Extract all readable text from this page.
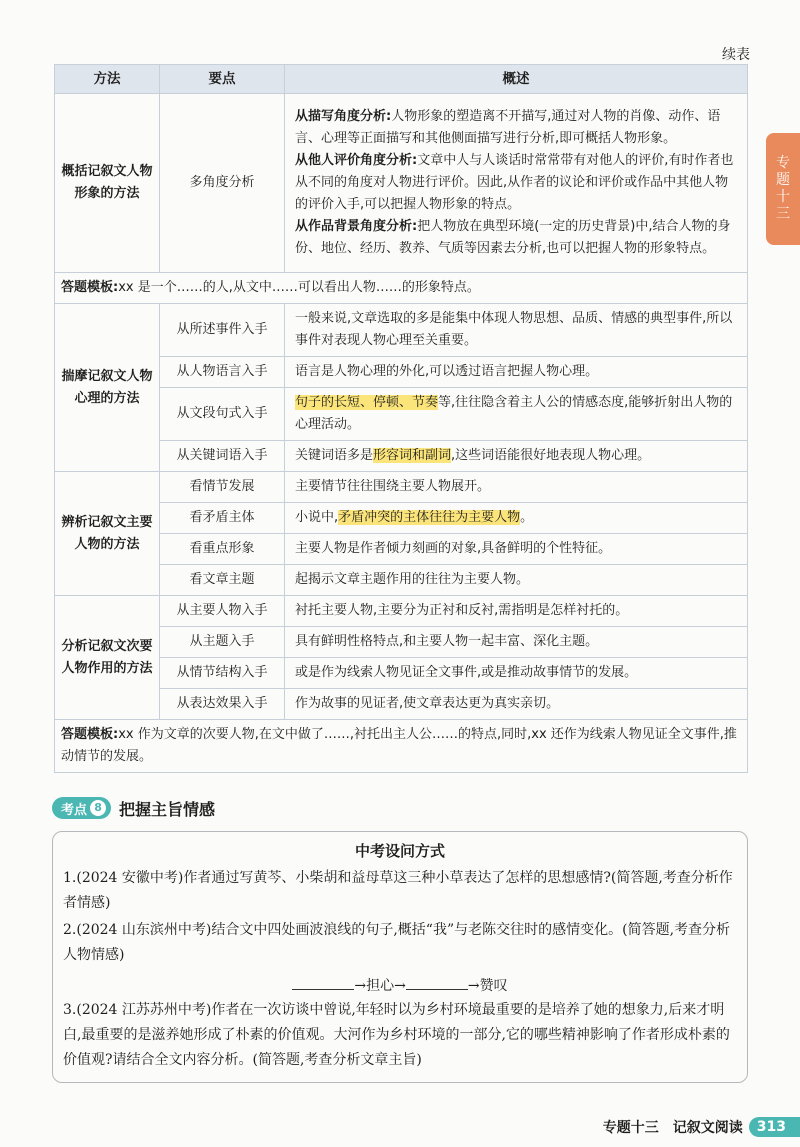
续表
专题十三
方法	要点	概述
概括记叙文人物形象的方法	多角度分析	从描写角度分析:人物形象的塑造离不开描写,通过对人物的肖像、动作、语言、心理等正面描写和其他侧面描写进行分析,即可概括人物形象。
从他人评价角度分析:文章中人与人谈话时常常带有对他人的评价,有时作者也从不同的角度对人物进行评价。因此,从作者的议论和评价或作品中其他人物的评价入手,可以把握人物形象的特点。
从作品背景角度分析:把人物放在典型环境(一定的历史背景)中,结合人物的身份、地位、经历、教养、气质等因素去分析,也可以把握人物的形象特点。

答题模板:xx 是一个……的人,从文中……可以看出人物……的形象特点。		
揣摩记叙文人物心理的方法	从所述事件入手	一般来说,文章选取的多是能集中体现人物思想、品质、情感的典型事件,所以事件对表现人物心理至关重要。
	从人物语言入手	语言是人物心理的外化,可以透过语言把握人物心理。
	从文段句式入手	句子的长短、停顿、节奏等,往往隐含着主人公的情感态度,能够折射出人物的心理活动。
	从关键词语入手	关键词语多是形容词和副词,这些词语能很好地表现人物心理。
辨析记叙文主要人物的方法	看情节发展	主要情节往往围绕主要人物展开。
	看矛盾主体	小说中,矛盾冲突的主体往往为主要人物。
	看重点形象	主要人物是作者倾力刻画的对象,具备鲜明的个性特征。
	看文章主题	起揭示文章主题作用的往往为主要人物。
分析记叙文次要人物作用的方法	从主要人物入手	衬托主要人物,主要分为正衬和反衬,需指明是怎样衬托的。
	从主题入手	具有鲜明性格特点,和主要人物一起丰富、深化主题。
	从情节结构入手	或是作为线索人物见证全文事件,或是推动故事情节的发展。
	从表达效果入手	作为故事的见证者,使文章表达更为真实亲切。
答题模板:xx 作为文章的次要人物,在文中做了……,衬托出主人公……的特点,同时,xx 还作为线索人物见证全文事件,推动情节的发展。		
考点 8 把握主旨情感
中考设问方式
1.(2024 安徽中考)作者通过写黄芩、小柴胡和益母草这三种小草表达了怎样的思想感情?(简答题,考查分析作者情感)
2.(2024 山东滨州中考)结合文中四处画波浪线的句子,概括“我”与老陈交往时的感情变化。(简答题,考查分析人物情感)
→担心→	→赞叹
3.(2024 江苏苏州中考)作者在一次访谈中曾说,年轻时以为乡村环境最重要的是培养了她的想象力,后来才明白,最重要的是滋养她形成了朴素的价值观。大河作为乡村环境的一部分,它的哪些精神影响了作者形成朴素的价值观?请结合全文内容分析。(简答题,考查分析文章主旨)
专题十三　记叙文阅读	313
